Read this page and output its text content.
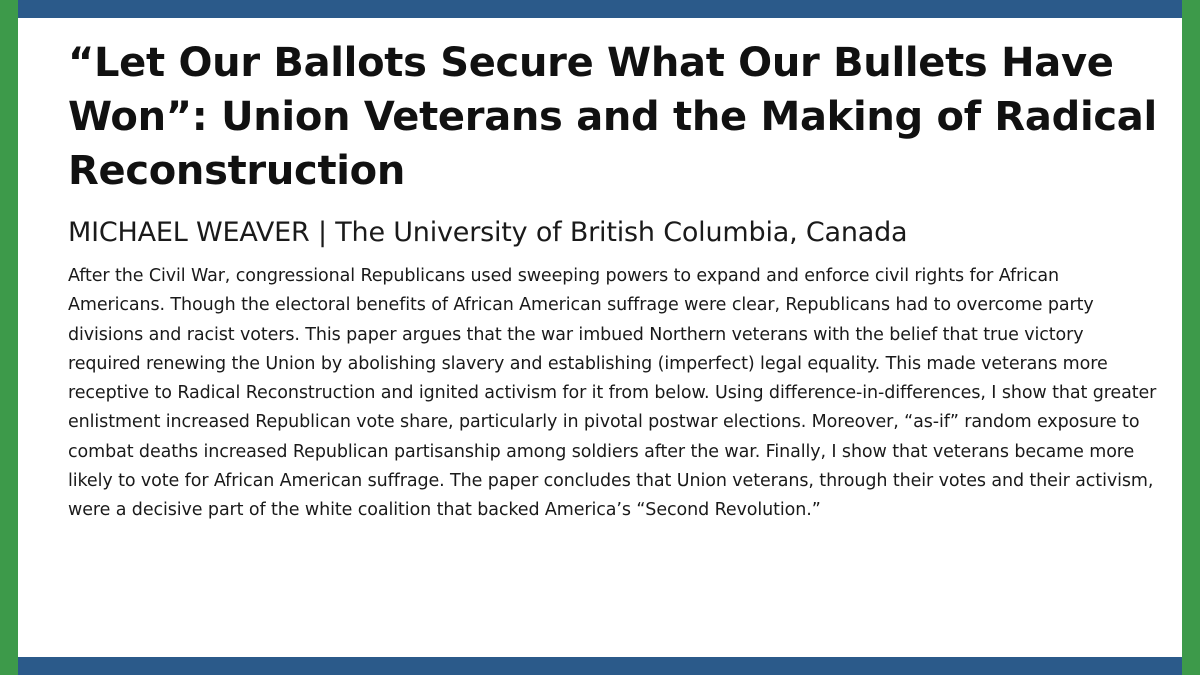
“Let Our Ballots Secure What Our Bullets Have Won”: Union Veterans and the Making of Radical Reconstruction
MICHAEL WEAVER | The University of British Columbia, Canada

After the Civil War, congressional Republicans used sweeping powers to expand and enforce civil rights for African Americans. Though the electoral benefits of African American suffrage were clear, Republicans had to overcome party divisions and racist voters. This paper argues that the war imbued Northern veterans with the belief that true victory required renewing the Union by abolishing slavery and establishing (imperfect) legal equality. This made veterans more receptive to Radical Reconstruction and ignited activism for it from below. Using difference-in-differences, I show that greater enlistment increased Republican vote share, particularly in pivotal postwar elections. Moreover, “as-if” random exposure to combat deaths increased Republican partisanship among soldiers after the war. Finally, I show that veterans became more likely to vote for African American suffrage. The paper concludes that Union veterans, through their votes and their activism, were a decisive part of the white coalition that backed America’s “Second Revolution.”
